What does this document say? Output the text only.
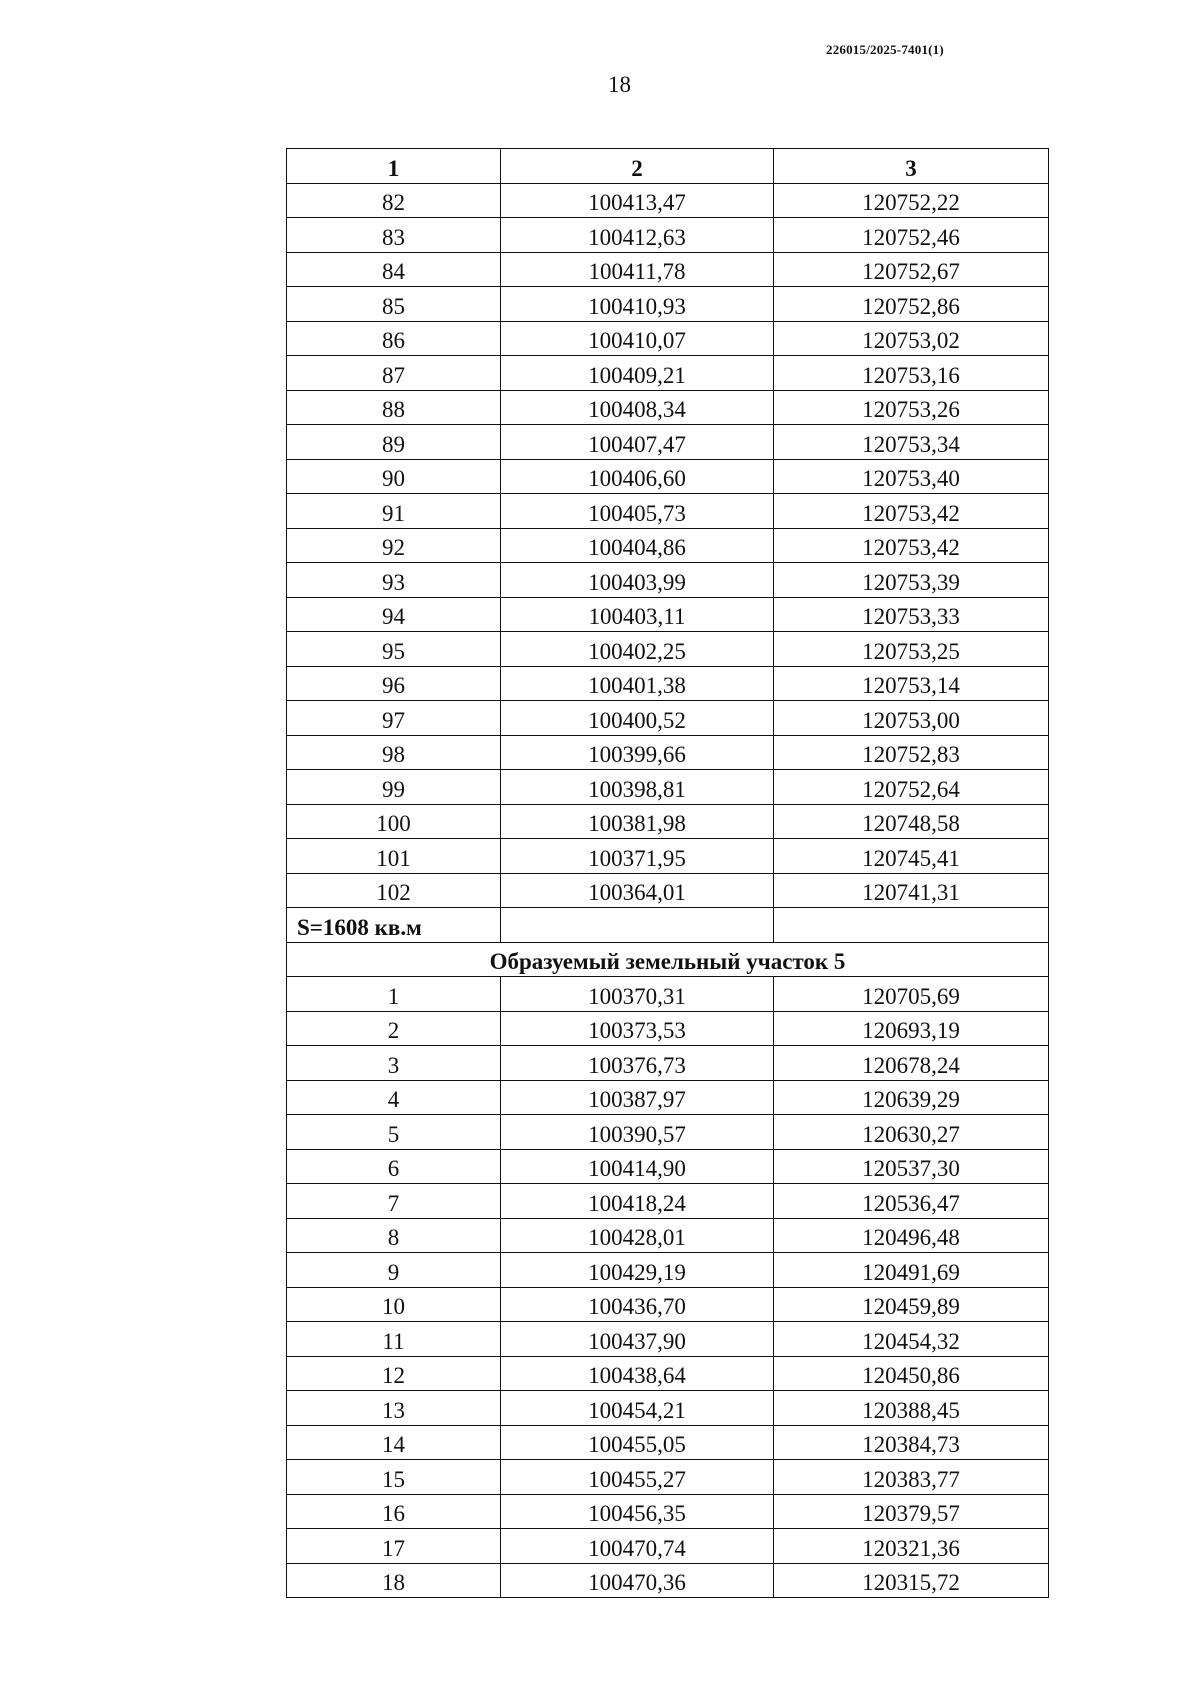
226015/2025-7401(1)
18
1	2	3
82	100413,47	120752,22
83	100412,63	120752,46
84	100411,78	120752,67
85	100410,93	120752,86
86	100410,07	120753,02
87	100409,21	120753,16
88	100408,34	120753,26
89	100407,47	120753,34
90	100406,60	120753,40
91	100405,73	120753,42
92	100404,86	120753,42
93	100403,99	120753,39
94	100403,11	120753,33
95	100402,25	120753,25
96	100401,38	120753,14
97	100400,52	120753,00
98	100399,66	120752,83
99	100398,81	120752,64
100	100381,98	120748,58
101	100371,95	120745,41
102	100364,01	120741,31
S=1608 кв.м		
Образуемый земельный участок 5		
1	100370,31	120705,69
2	100373,53	120693,19
3	100376,73	120678,24
4	100387,97	120639,29
5	100390,57	120630,27
6	100414,90	120537,30
7	100418,24	120536,47
8	100428,01	120496,48
9	100429,19	120491,69
10	100436,70	120459,89
11	100437,90	120454,32
12	100438,64	120450,86
13	100454,21	120388,45
14	100455,05	120384,73
15	100455,27	120383,77
16	100456,35	120379,57
17	100470,74	120321,36
18	100470,36	120315,72
